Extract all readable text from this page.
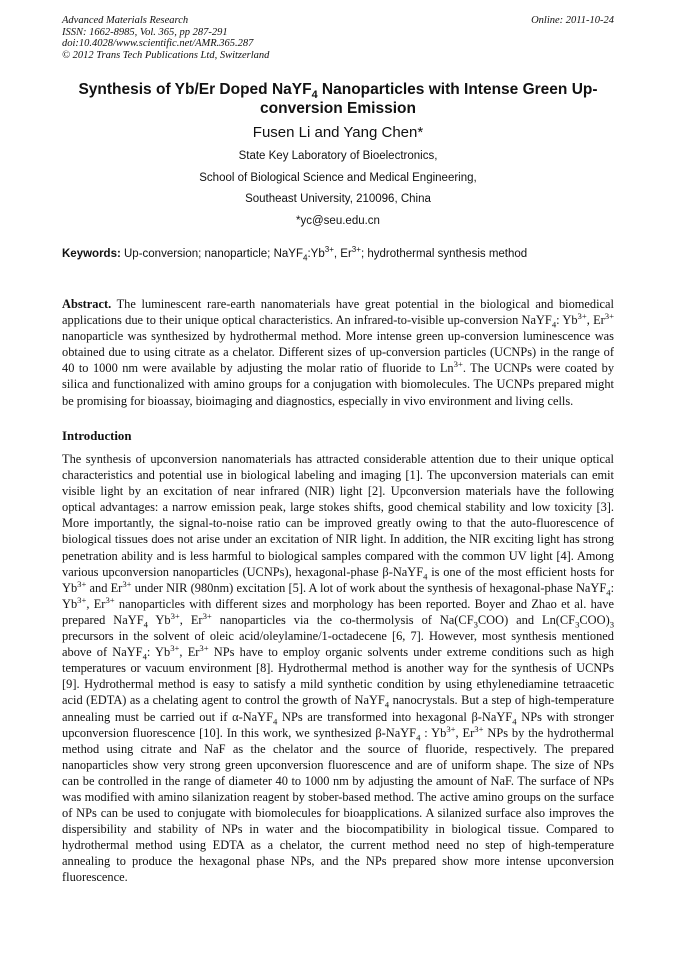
Advanced Materials Research
ISSN: 1662-8985, Vol. 365, pp 287-291
doi:10.4028/www.scientific.net/AMR.365.287
© 2012 Trans Tech Publications Ltd, Switzerland
Online: 2011-10-24
Synthesis of Yb/Er Doped NaYF$_4$ Nanoparticles with Intense Green Up-conversion Emission
Fusen Li and Yang Chen*
State Key Laboratory of Bioelectronics,
School of Biological Science and Medical Engineering,
Southeast University, 210096, China
*yc@seu.edu.cn
Keywords: Up-conversion; nanoparticle; $NaYF_4:Yb^{3+}$, $Er^{3+}$; hydrothermal synthesis method

Abstract. The luminescent rare-earth nanomaterials have great potential in the biological and biomedical applications due to their unique optical characteristics. An infrared-to-visible up-conversion NaYF$_4$: $Yb^{3+}$, $Er^{3+}$ nanoparticle was synthesized by hydrothermal method. More intense green up-conversion luminescence was obtained due to using citrate as a chelator. Different sizes of up-conversion particles (UCNPs) in the range of 40 to 1000 nm were available by adjusting the molar ratio of fluoride to $Ln^{3+}$. The UCNPs were coated by silica and functionalized with amino groups for a conjugation with biomolecules. The UCNPs prepared might be promising for bioassay, bioimaging and diagnostics, especially in vivo environment and living cells.

Introduction

The synthesis of upconversion nanomaterials has attracted considerable attention due to their unique optical characteristics and potential use in biological labeling and imaging [1]. The upconversion materials can emit visible light by an excitation of near infrared (NIR) light [2]. Upconversion materials have the following optical advantages: a narrow emission peak, large stokes shifts, good chemical stability and low toxicity [3]. More importantly, the signal-to-noise ratio can be improved greatly owing to that the auto-fluorescence of biological tissues does not arise under an excitation of NIR light. In addition, the NIR exciting light has strong penetration ability and is less harmful to biological samples compared with the common UV light [4]. Among various upconversion nanoparticles (UCNPs), hexagonal-phase β-NaYF$_4$ is one of the most efficient hosts for $Yb^{3+}$ and $Er^{3+}$ under NIR (980nm) excitation [5]. A lot of work about the synthesis of hexagonal-phase NaYF$_4$: $Yb^{3+}$, $Er^{3+}$ nanoparticles with different sizes and morphology has been reported. Boyer and Zhao et al. have prepared NaYF$_4$ $Yb^{3+}$, $Er^{3+}$ nanoparticles via the co-thermolysis of $Na(CF_3COO)$ and $Ln(CF_3COO)_3$ precursors in the solvent of oleic acid/oleylamine/1-octadecene [6, 7]. However, most synthesis mentioned above of NaYF$_4$: $Yb^{3+}$, $Er^{3+}$ NPs have to employ organic solvents under extreme conditions such as high temperatures or vacuum environment [8]. Hydrothermal method is another way for the synthesis of UCNPs [9]. Hydrothermal method is easy to satisfy a mild synthetic condition by using ethylenediamine tetraacetic acid (EDTA) as a chelating agent to control the growth of NaYF$_4$ nanocrystals. But a step of high-temperature annealing must be carried out if α-NaYF$_4$ NPs are transformed into hexagonal β-NaYF$_4$ NPs with stronger upconversion fluorescence [10]. In this work, we synthesized β-NaYF$_4$ : $Yb^{3+}$, $Er^{3+}$ NPs by the hydrothermal method using citrate and NaF as the chelator and the source of fluoride, respectively. The prepared nanoparticles show very strong green upconversion fluorescence and are of uniform shape. The size of NPs can be controlled in the range of diameter 40 to 1000 nm by adjusting the amount of NaF. The surface of NPs was modified with amino silanization reagent by stober-based method. The active amino groups on the surface of NPs can be used to conjugate with biomolecules for bioapplications. A silanized surface also improves the dispersibility and stability of NPs in water and the biocompatibility in biological tissue. Compared to hydrothermal method using EDTA as a chelator, the current method need no step of high-temperature annealing to produce the hexagonal phase NPs, and the NPs prepared show more intense upconversion fluorescence.
